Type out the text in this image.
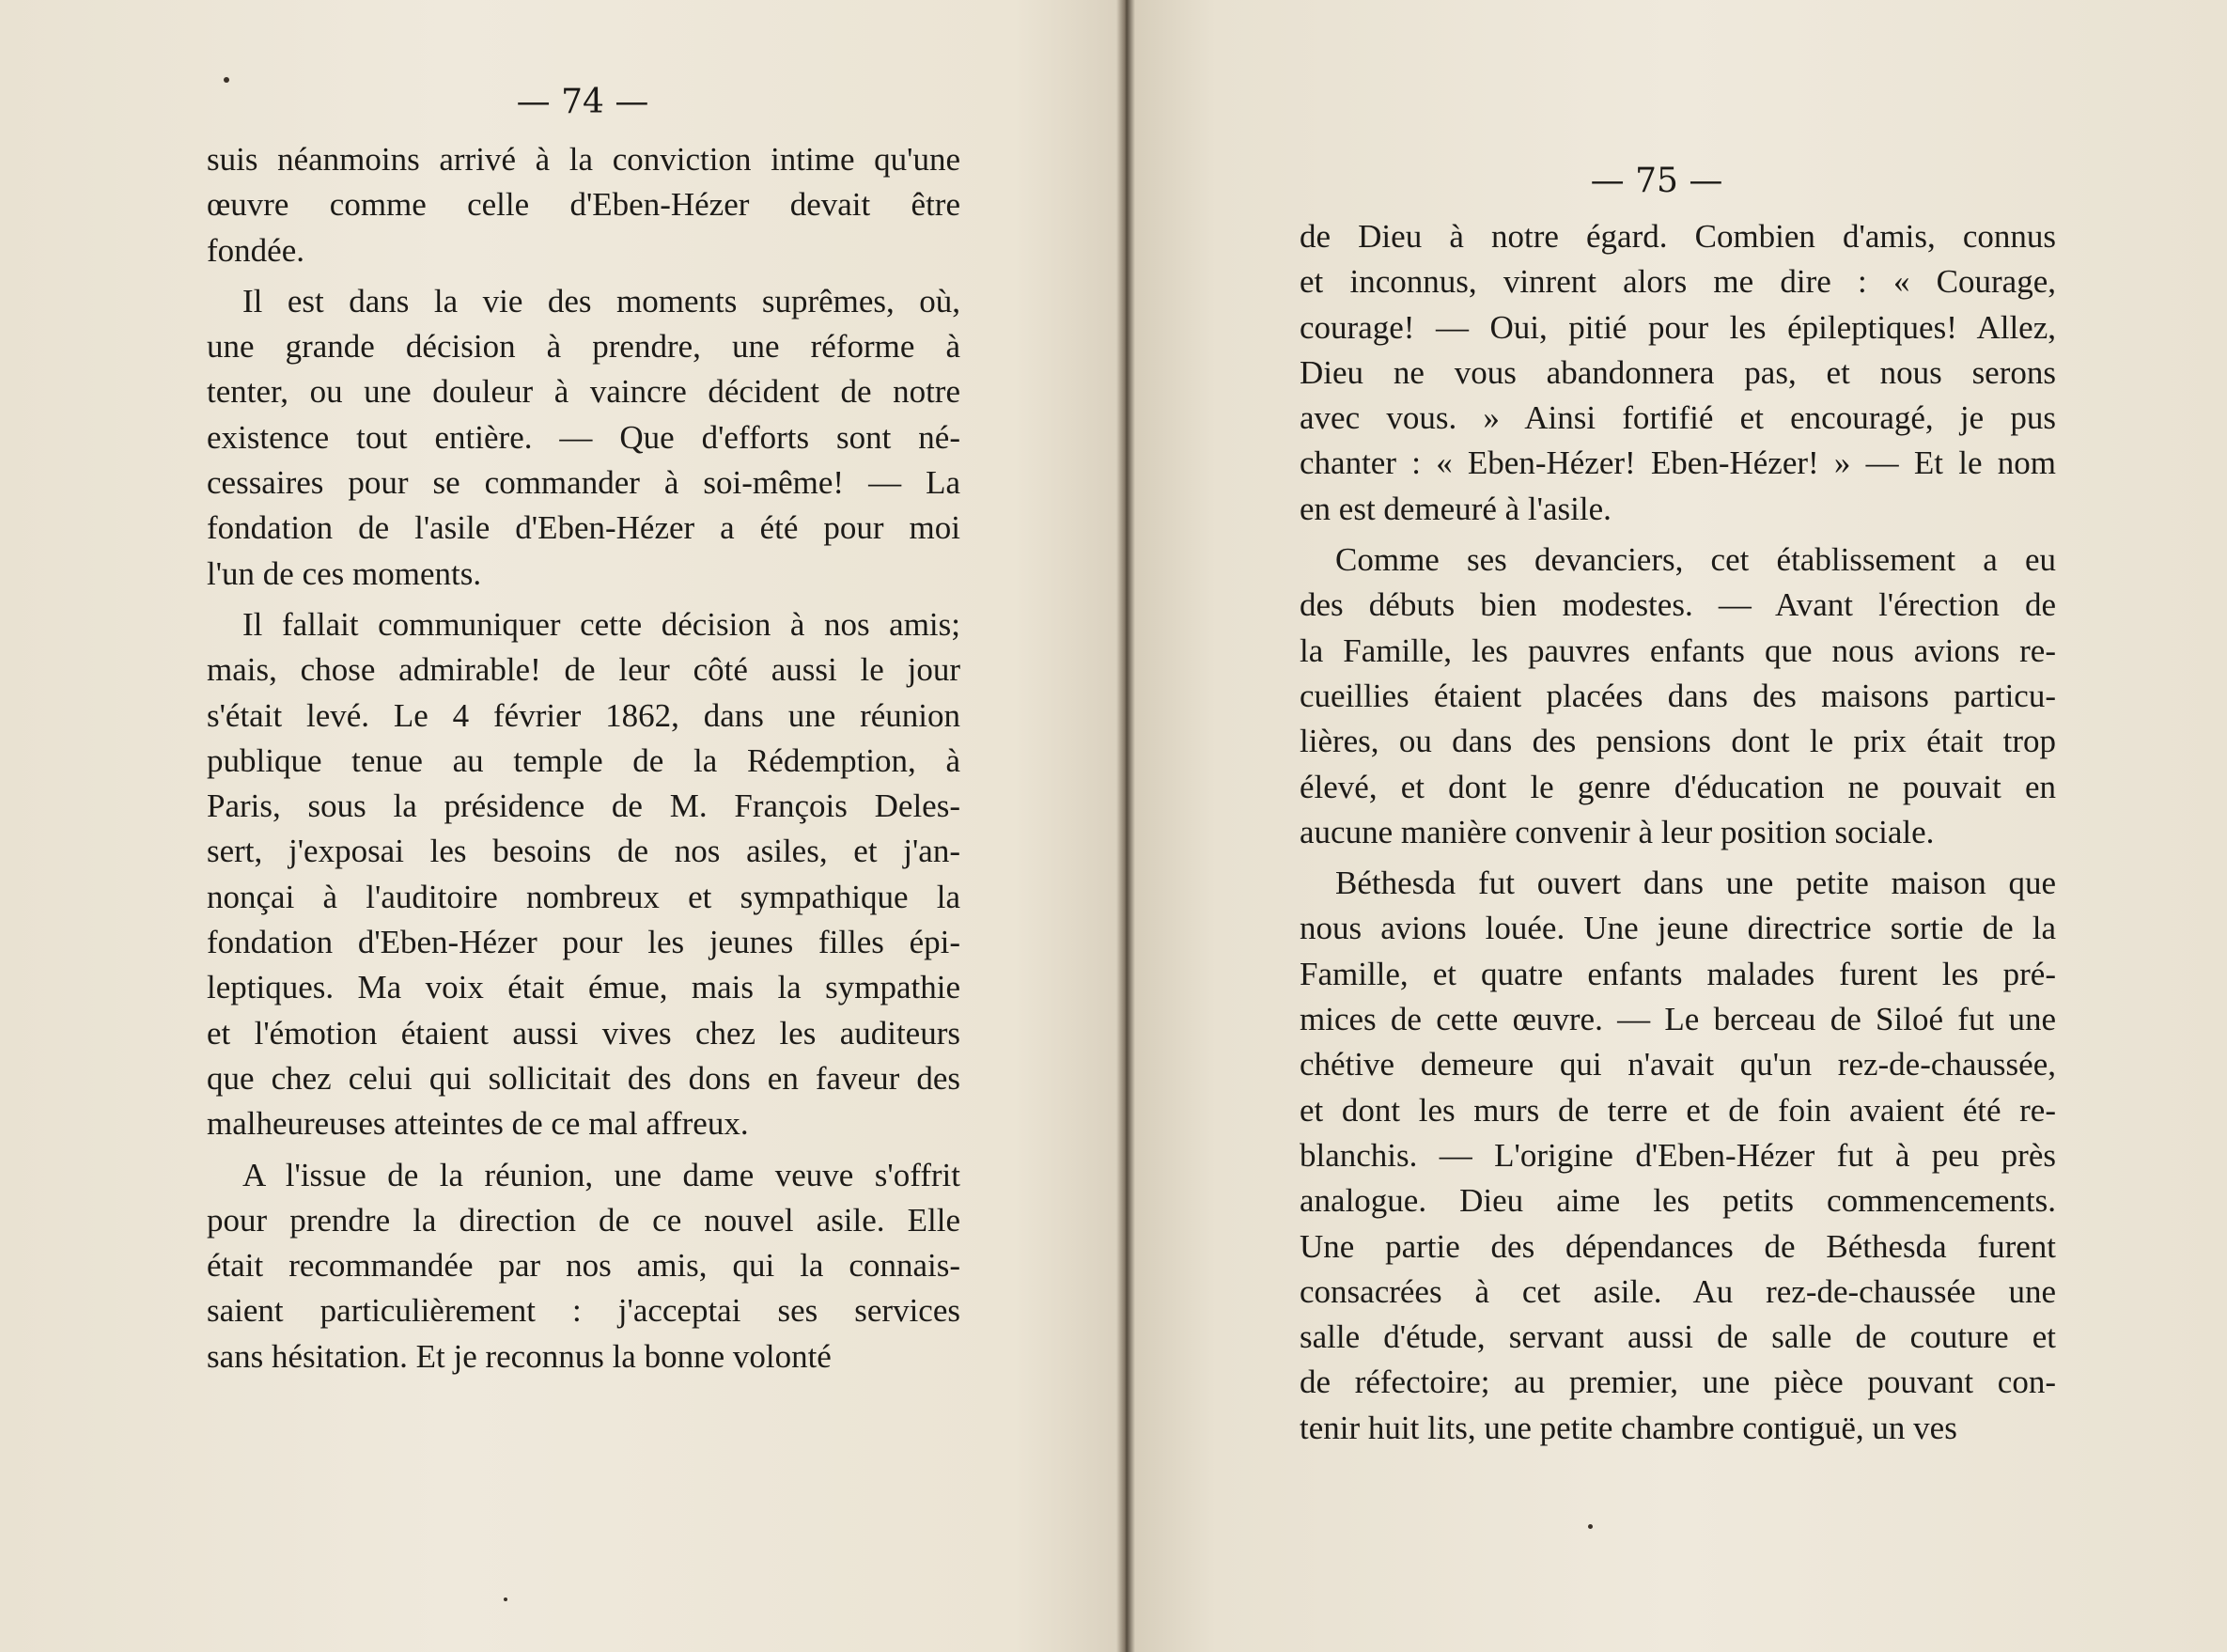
— 74 —
suis néanmoins arrivé à la conviction intime qu'une
œuvre comme celle d'Eben-Hézer devait être
fondée.
Il est dans la vie des moments suprêmes, où,
une grande décision à prendre, une réforme à
tenter, ou une douleur à vaincre décident de notre
existence tout entière. — Que d'efforts sont né-
cessaires pour se commander à soi-même! — La
fondation de l'asile d'Eben-Hézer a été pour moi
l'un de ces moments.
Il fallait communiquer cette décision à nos amis;
mais, chose admirable! de leur côté aussi le jour
s'était levé. Le 4 février 1862, dans une réunion
publique tenue au temple de la Rédemption, à
Paris, sous la présidence de M. François Deles-
sert, j'exposai les besoins de nos asiles, et j'an-
nonçai à l'auditoire nombreux et sympathique la
fondation d'Eben-Hézer pour les jeunes filles épi-
leptiques. Ma voix était émue, mais la sympathie
et l'émotion étaient aussi vives chez les auditeurs
que chez celui qui sollicitait des dons en faveur des
malheureuses atteintes de ce mal affreux.
A l'issue de la réunion, une dame veuve s'offrit
pour prendre la direction de ce nouvel asile. Elle
était recommandée par nos amis, qui la connais-
saient particulièrement : j'acceptai ses services
sans hésitation. Et je reconnus la bonne volonté
— 75 —
de Dieu à notre égard. Combien d'amis, connus
et inconnus, vinrent alors me dire : « Courage,
courage! — Oui, pitié pour les épileptiques! Allez,
Dieu ne vous abandonnera pas, et nous serons
avec vous. » Ainsi fortifié et encouragé, je pus
chanter : « Eben-Hézer! Eben-Hézer! » — Et le nom
en est demeuré à l'asile.
Comme ses devanciers, cet établissement a eu
des débuts bien modestes. — Avant l'érection de
la Famille, les pauvres enfants que nous avions re-
cueillies étaient placées dans des maisons particu-
lières, ou dans des pensions dont le prix était trop
élevé, et dont le genre d'éducation ne pouvait en
aucune manière convenir à leur position sociale.
Béthesda fut ouvert dans une petite maison que
nous avions louée. Une jeune directrice sortie de la
Famille, et quatre enfants malades furent les pré-
mices de cette œuvre. — Le berceau de Siloé fut une
chétive demeure qui n'avait qu'un rez-de-chaussée,
et dont les murs de terre et de foin avaient été re-
blanchis. — L'origine d'Eben-Hézer fut à peu près
analogue. Dieu aime les petits commencements.
Une partie des dépendances de Béthesda furent
consacrées à cet asile. Au rez-de-chaussée une
salle d'étude, servant aussi de salle de couture et
de réfectoire; au premier, une pièce pouvant con-
tenir huit lits, une petite chambre contiguë, un ves
